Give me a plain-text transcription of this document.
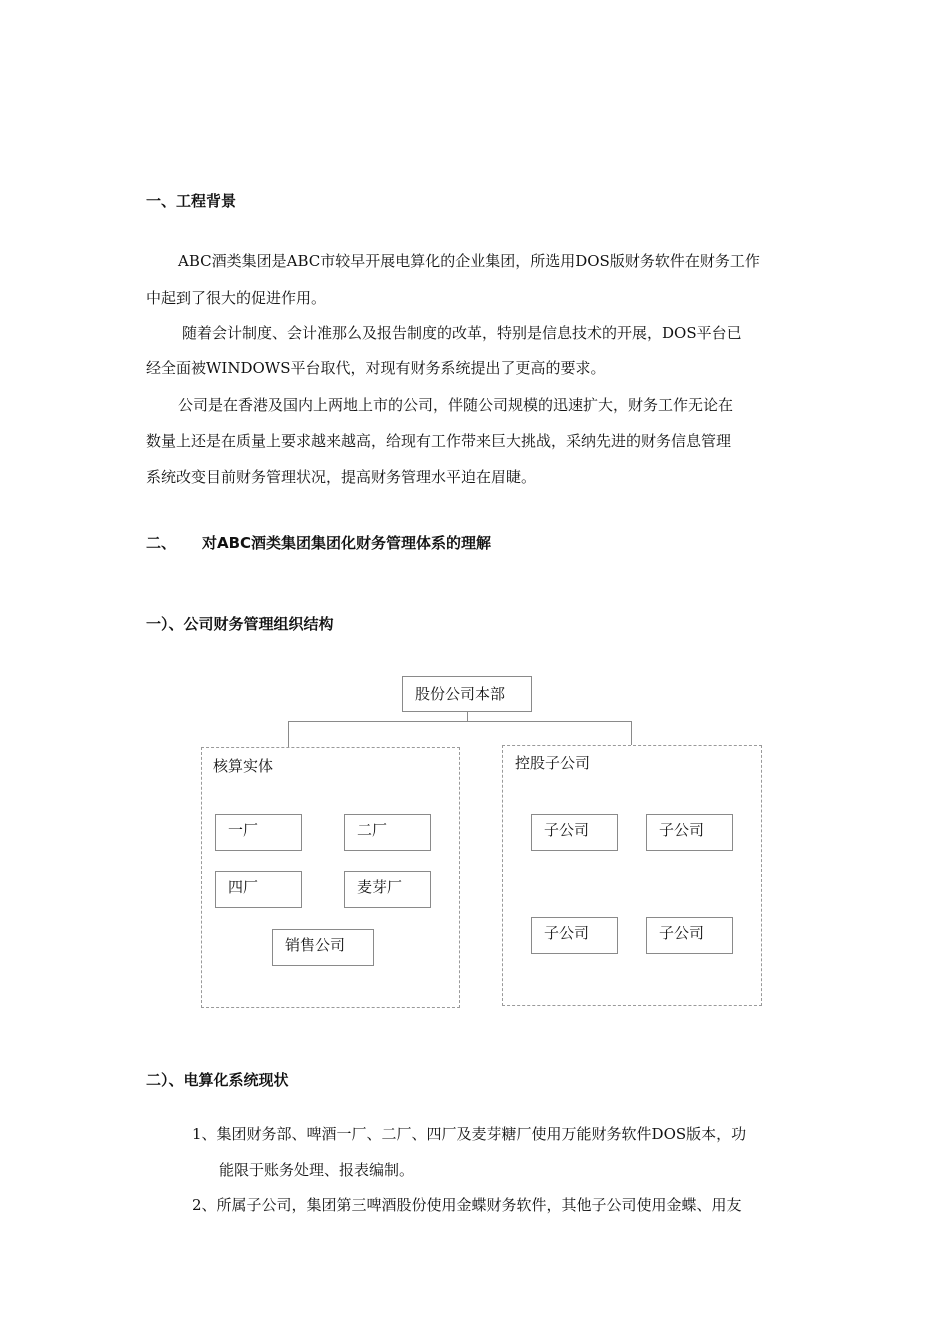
一、工程背景
ABC酒类集团是ABC市较早开展电算化的企业集团，所选用DOS版财务软件在财务工作
中起到了很大的促进作用。
随着会计制度、会计准那么及报告制度的改革，特别是信息技术的开展，DOS平台已
经全面被WINDOWS平台取代，对现有财务系统提出了更高的要求。
公司是在香港及国内上两地上市的公司，伴随公司规模的迅速扩大，财务工作无论在
数量上还是在质量上要求越来越高，给现有工作带来巨大挑战，采纳先进的财务信息管理
系统改变目前财务管理状况，提高财务管理水平迫在眉睫。
二、 对ABC酒类集团集团化财务管理体系的理解
一）、公司财务管理组织结构
股份公司本部
核算实体
一厂	二厂
四厂	麦芽厂
销售公司
控股子公司
子公司	子公司
子公司	子公司
二）、电算化系统现状
1、集团财务部、啤酒一厂、二厂、四厂及麦芽糖厂使用万能财务软件DOS版本，功
能限于账务处理、报表编制。
2、所属子公司，集团第三啤酒股份使用金蝶财务软件，其他子公司使用金蝶、用友
